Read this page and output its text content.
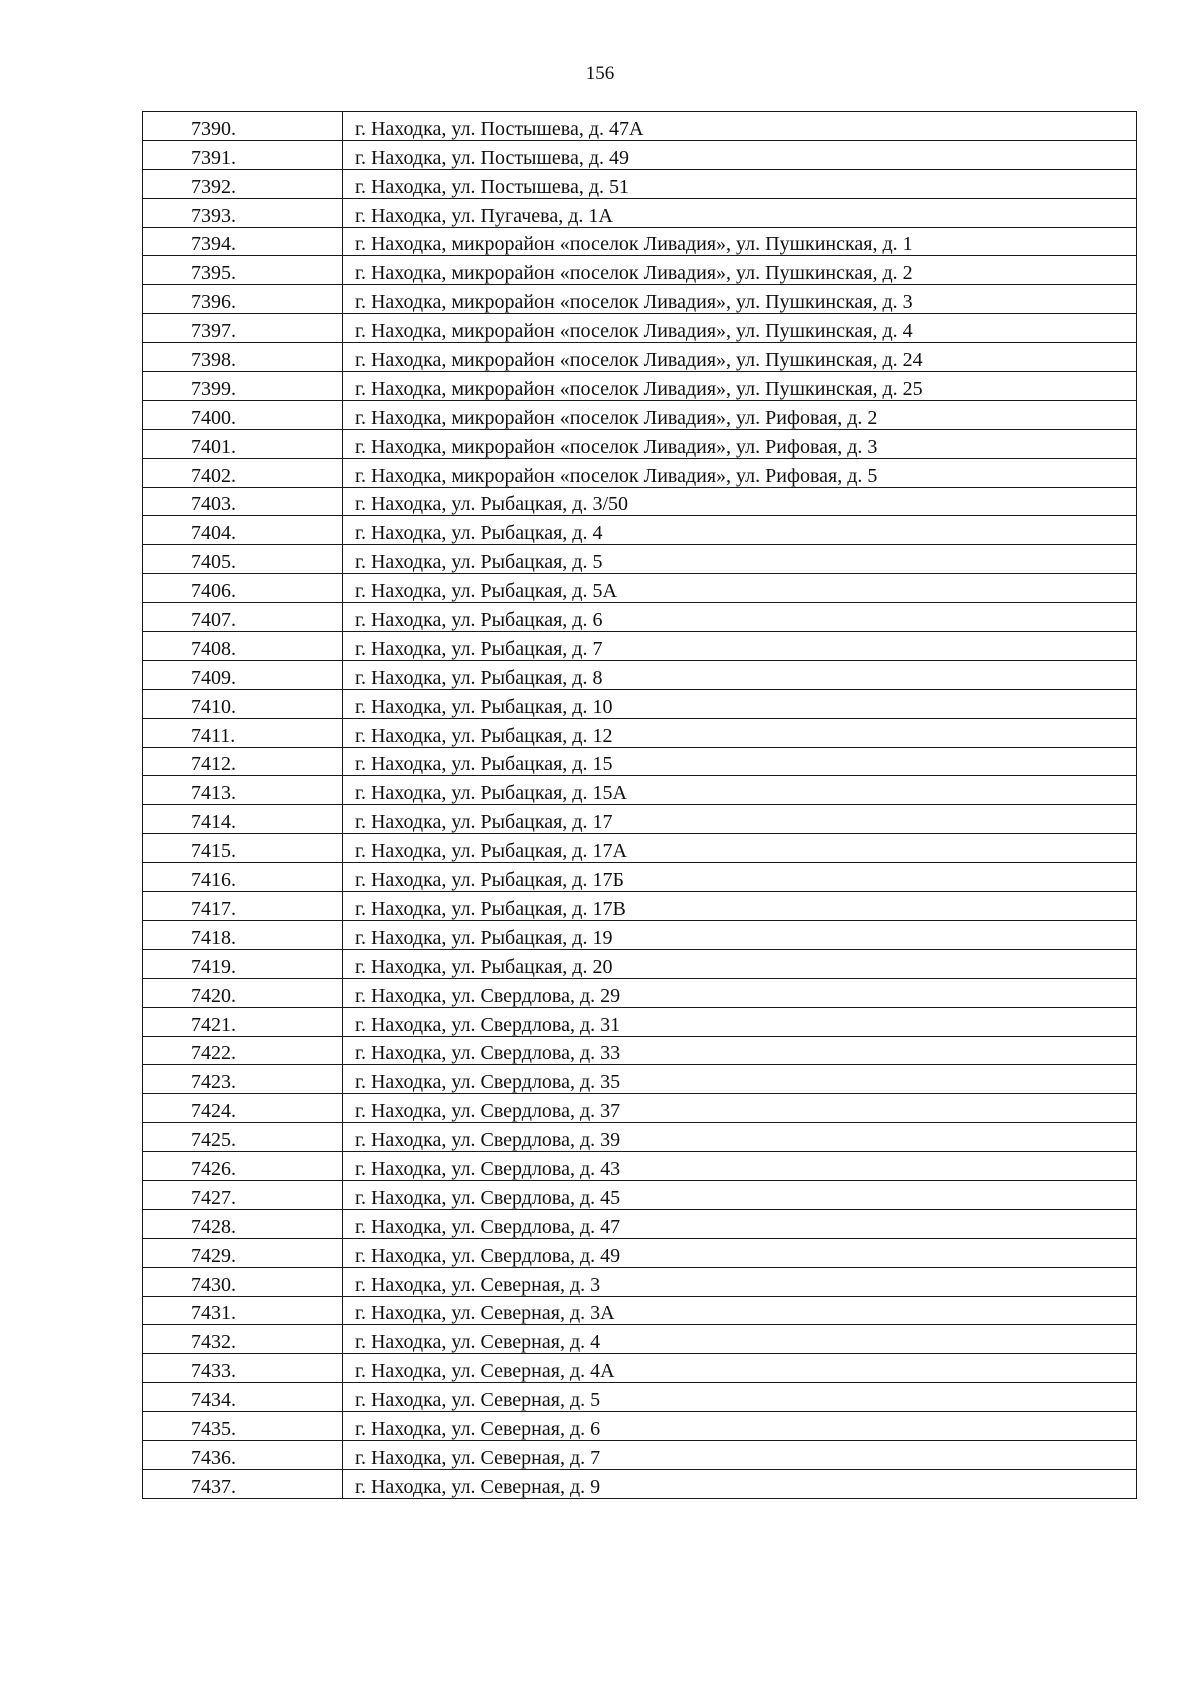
156
7390.	г. Находка, ул. Постышева, д. 47А
7391.	г. Находка, ул. Постышева, д. 49
7392.	г. Находка, ул. Постышева, д. 51
7393.	г. Находка, ул. Пугачева, д. 1А
7394.	г. Находка, микрорайон «поселок Ливадия», ул. Пушкинская, д. 1
7395.	г. Находка, микрорайон «поселок Ливадия», ул. Пушкинская, д. 2
7396.	г. Находка, микрорайон «поселок Ливадия», ул. Пушкинская, д. 3
7397.	г. Находка, микрорайон «поселок Ливадия», ул. Пушкинская, д. 4
7398.	г. Находка, микрорайон «поселок Ливадия», ул. Пушкинская, д. 24
7399.	г. Находка, микрорайон «поселок Ливадия», ул. Пушкинская, д. 25
7400.	г. Находка, микрорайон «поселок Ливадия», ул. Рифовая, д. 2
7401.	г. Находка, микрорайон «поселок Ливадия», ул. Рифовая, д. 3
7402.	г. Находка, микрорайон «поселок Ливадия», ул. Рифовая, д. 5
7403.	г. Находка, ул. Рыбацкая, д. 3/50
7404.	г. Находка, ул. Рыбацкая, д. 4
7405.	г. Находка, ул. Рыбацкая, д. 5
7406.	г. Находка, ул. Рыбацкая, д. 5А
7407.	г. Находка, ул. Рыбацкая, д. 6
7408.	г. Находка, ул. Рыбацкая, д. 7
7409.	г. Находка, ул. Рыбацкая, д. 8
7410.	г. Находка, ул. Рыбацкая, д. 10
7411.	г. Находка, ул. Рыбацкая, д. 12
7412.	г. Находка, ул. Рыбацкая, д. 15
7413.	г. Находка, ул. Рыбацкая, д. 15А
7414.	г. Находка, ул. Рыбацкая, д. 17
7415.	г. Находка, ул. Рыбацкая, д. 17А
7416.	г. Находка, ул. Рыбацкая, д. 17Б
7417.	г. Находка, ул. Рыбацкая, д. 17В
7418.	г. Находка, ул. Рыбацкая, д. 19
7419.	г. Находка, ул. Рыбацкая, д. 20
7420.	г. Находка, ул. Свердлова, д. 29
7421.	г. Находка, ул. Свердлова, д. 31
7422.	г. Находка, ул. Свердлова, д. 33
7423.	г. Находка, ул. Свердлова, д. 35
7424.	г. Находка, ул. Свердлова, д. 37
7425.	г. Находка, ул. Свердлова, д. 39
7426.	г. Находка, ул. Свердлова, д. 43
7427.	г. Находка, ул. Свердлова, д. 45
7428.	г. Находка, ул. Свердлова, д. 47
7429.	г. Находка, ул. Свердлова, д. 49
7430.	г. Находка, ул. Северная, д. 3
7431.	г. Находка, ул. Северная, д. 3А
7432.	г. Находка, ул. Северная, д. 4
7433.	г. Находка, ул. Северная, д. 4А
7434.	г. Находка, ул. Северная, д. 5
7435.	г. Находка, ул. Северная, д. 6
7436.	г. Находка, ул. Северная, д. 7
7437.	г. Находка, ул. Северная, д. 9
